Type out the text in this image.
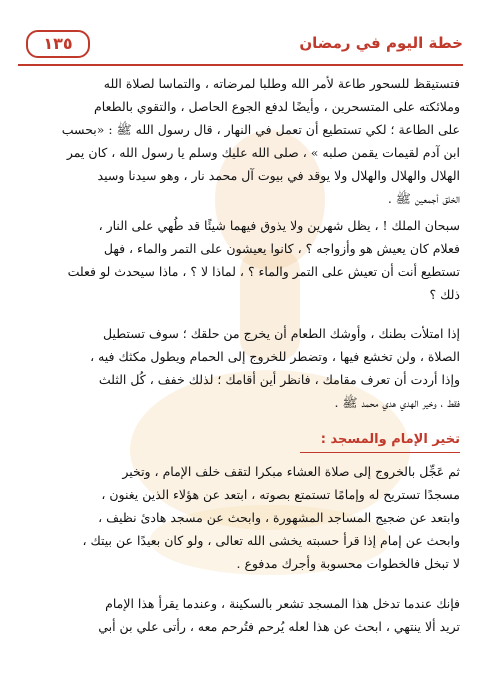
خطة اليوم في رمضان
١٣٥
فتستيقظ للسحور طاعة لأمر الله وطلبا لمرضاته ، والتماسا لصلاة الله
وملائكته على المتسحرين ، وأيضًا لدفع الجوع الحاصل ، والتقوي بالطعام
على الطاعة ؛ لكي تستطيع أن تعمل في النهار ، قال رسول الله ﷺ : «بحسب
ابن آدم لقيمات يقمن صلبه » ، صلى الله عليك وسلم يا رسول الله ، كان يمر
الهلال والهلال والهلال ولا يوقد في بيوت آل محمد نار ، وهو سيدنا وسيد
الخلق أجمعين ﷺ .
سبحان الملك ! ، يظل شهرين ولا يذوق فيهما شيئًا قد طُهي على النار ،
فعلام كان يعيش هو وأزواجه ؟ ، كانوا يعيشون على التمر والماء ، فهل
تستطيع أنت أن تعيش على التمر والماء ؟ ، لماذا لا ؟ ، ماذا سيحدث لو فعلت
ذلك ؟
إذا امتلأت بطنك ، وأوشك الطعام أن يخرج من حلقك ؛ سوف تستطيل
الصلاة ، ولن تخشع فيها ، وتضطر للخروج إلى الحمام ويطول مكثك فيه ،
وإذا أردت أن تعرف مقامك ، فانظر أين أقامك ؛ لذلك خفف ، كُل الثلث
فقط ، وخير الهدي هدي محمد ﷺ .
تخير الإمام والمسجد :
ثم عَجِّل بالخروج إلى صلاة العشاء مبكرا لتقف خلف الإمام ، وتخير
مسجدًا تستريح له وإمامًا تستمتع بصوته ، ابتعد عن هؤلاء الذين يغنون ،
وابتعد عن ضجيج المساجد المشهورة ، وابحث عن مسجد هادئ نظيف ،
وابحث عن إمام إذا قرأ حسبته يخشى الله تعالى ، ولو كان بعيدًا عن بيتك ،
لا تبخل فالخطوات محسوبة وأجرك مدفوع .
فإنك عندما تدخل هذا المسجد تشعر بالسكينة ، وعندما يقرأ هذا الإمام
تريد ألا ينتهي ، ابحث عن هذا لعله يُرحم فتُرحم معه ، رأتى علي بن أبي
